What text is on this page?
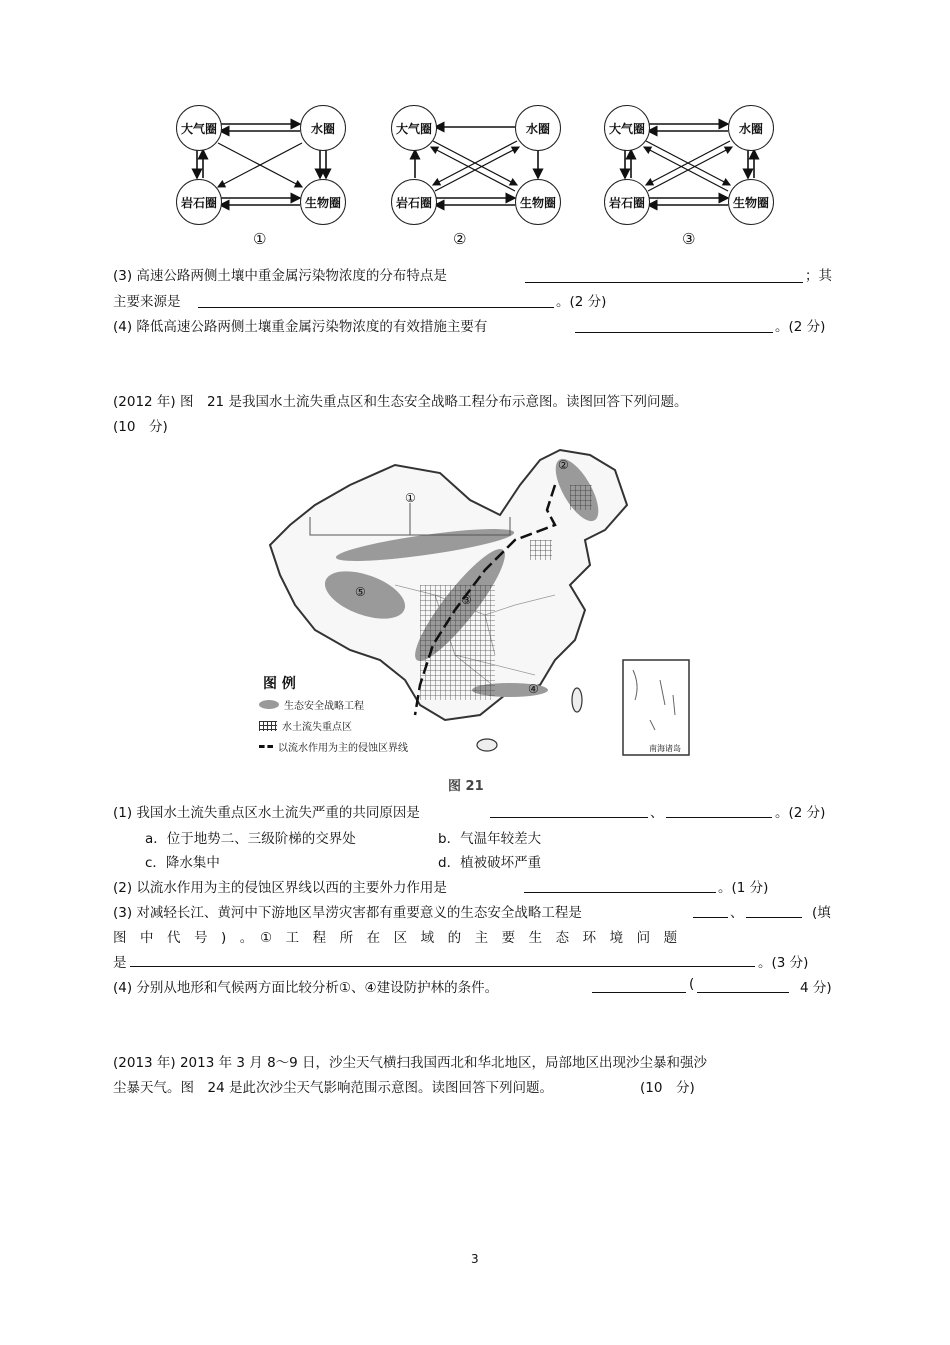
大气圈	水圈
岩石圈	生物圈
①
大气圈	水圈
岩石圈	生物圈
②
大气圈	水圈
岩石圈	生物圈
③
(3) 高速公路两侧土壤中重金属污染物浓度的分布特点是	；其
主要来源是	。(2 分)
(4) 降低高速公路两侧土壤重金属污染物浓度的有效措施主要有	。(2 分)
(2012 年) 图　21 是我国水土流失重点区和生态安全战略工程分布示意图。读图回答下列问题。
(10　分)
①
②
③
④
⑤
图 例
生态安全战略工程
水土流失重点区
以流水作用为主的侵蚀区界线	南海诸岛
图 21
(1) 我国水土流失重点区水土流失严重的共同原因是	、	。(2 分)
a．位于地势二、三级阶梯的交界处	b．气温年较差大
c．降水集中	d．植被破坏严重
(2) 以流水作用为主的侵蚀区界线以西的主要外力作用是	。(1 分)
(3) 对减轻长江、黄河中下游地区旱涝灾害都有重要意义的生态安全战略工程是	、	(填
图　中　代　号　)　。　①　工　程　所　在　区　域　的　主　要　生　态　环　境　问　题
是	。(3 分)
(4) 分别从地形和气候两方面比较分析①、④建设防护林的条件。	(	4 分)
(2013 年) 2013 年 3 月 8～9 日，沙尘天气横扫我国西北和华北地区，局部地区出现沙尘暴和强沙
尘暴天气。图　24 是此次沙尘天气影响范围示意图。读图回答下列问题。	(10　分)
3
